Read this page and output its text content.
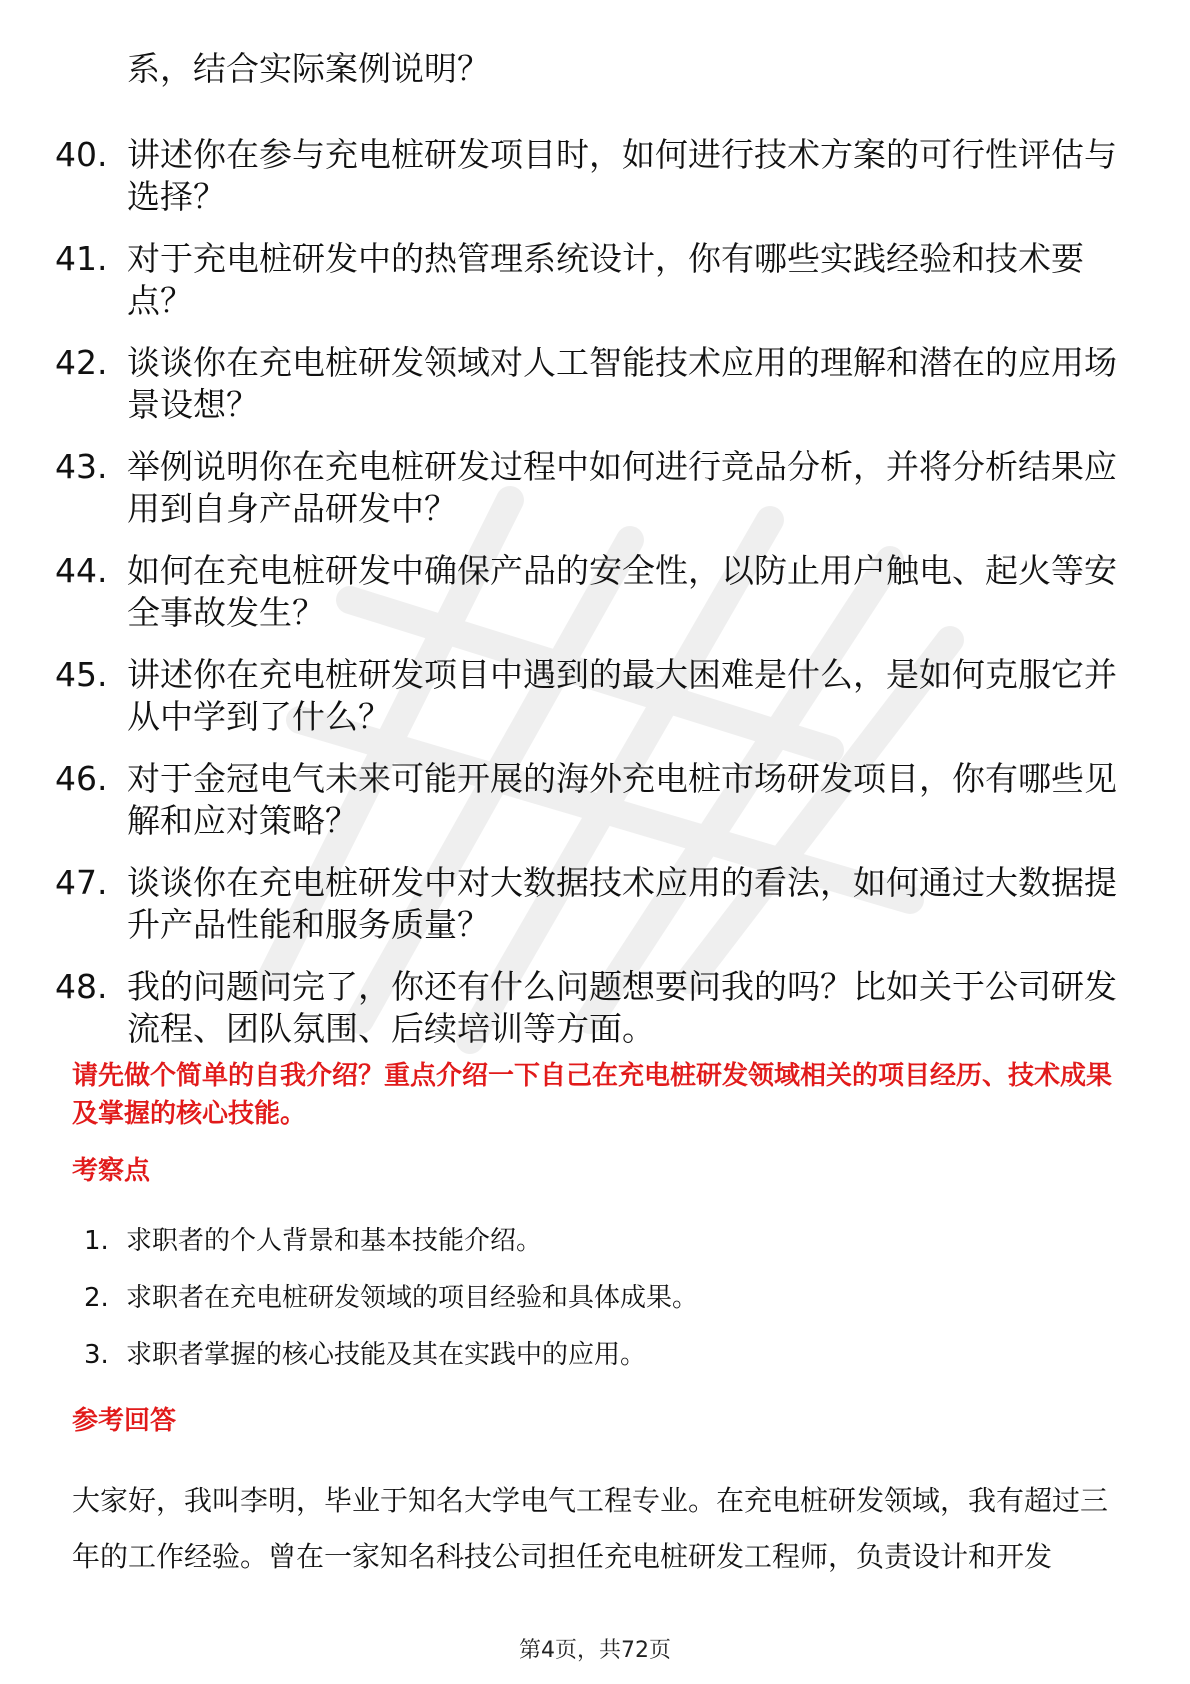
系，结合实际案例说明？

40. 讲述你在参与充电桩研发项目时，如何进行技术方案的可行性评估与选择？
41. 对于充电桩研发中的热管理系统设计，你有哪些实践经验和技术要点？
42. 谈谈你在充电桩研发领域对人工智能技术应用的理解和潜在的应用场景设想？
43. 举例说明你在充电桩研发过程中如何进行竞品分析，并将分析结果应用到自身产品研发中？
44. 如何在充电桩研发中确保产品的安全性，以防止用户触电、起火等安全事故发生？
45. 讲述你在充电桩研发项目中遇到的最大困难是什么，是如何克服它并从中学到了什么？
46. 对于金冠电气未来可能开展的海外充电桩市场研发项目，你有哪些见解和应对策略？
47. 谈谈你在充电桩研发中对大数据技术应用的看法，如何通过大数据提升产品性能和服务质量？
48. 我的问题问完了，你还有什么问题想要问我的吗？比如关于公司研发流程、团队氛围、后续培训等方面。

请先做个简单的自我介绍？重点介绍一下自己在充电桩研发领域相关的项目经历、技术成果及掌握的核心技能。

考察点
1. 求职者的个人背景和基本技能介绍。
2. 求职者在充电桩研发领域的项目经验和具体成果。
3. 求职者掌握的核心技能及其在实践中的应用。
参考回答

大家好，我叫李明，毕业于知名大学电气工程专业。在充电桩研发领域，我有超过三年的工作经验。曾在一家知名科技公司担任充电桩研发工程师，负责设计和开发

第4页，共72页
